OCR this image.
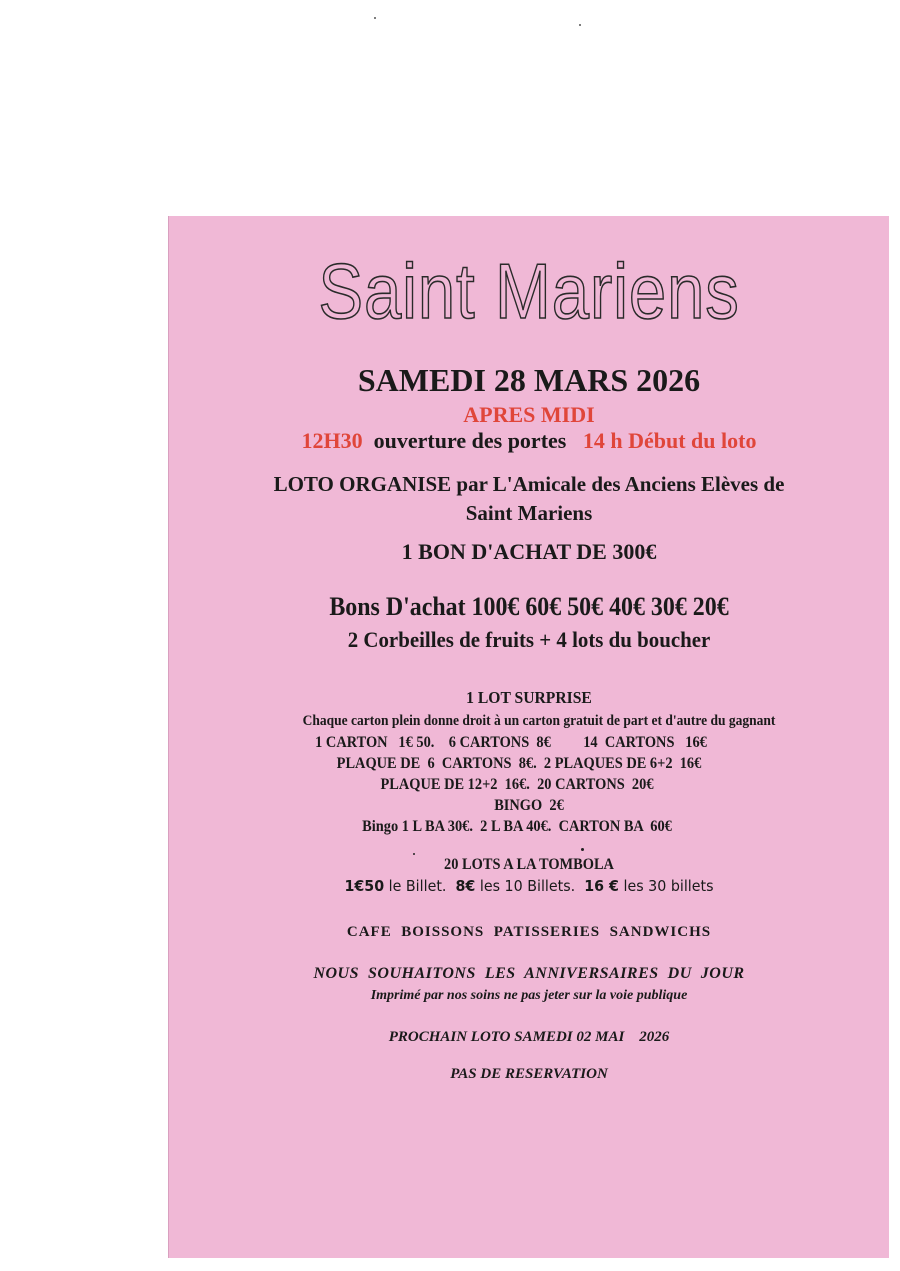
Saint Mariens
SAMEDI 28 MARS 2026
APRES MIDI
12H30 ouverture des portes 14 h Début du loto
LOTO ORGANISE par L'Amicale des Anciens Elèves de
Saint Mariens
1 BON D'ACHAT DE 300€
Bons D'achat 100€ 60€ 50€ 40€ 30€ 20€
2 Corbeilles de fruits + 4 lots du boucher
1 LOT SURPRISE
Chaque carton plein donne droit à un carton gratuit de part et d'autre du gagnant
1 CARTON   1€ 50.    6 CARTONS  8€         14  CARTONS   16€
PLAQUE DE  6  CARTONS  8€.  2 PLAQUES DE 6+2  16€
PLAQUE DE 12+2  16€.  20 CARTONS  20€
BINGO  2€
Bingo 1 L BA 30€.  2 L BA 40€.  CARTON BA  60€
20 LOTS A LA TOMBOLA
1€50 le Billet.  8€ les 10 Billets.  16 € les 30 billets
CAFE  BOISSONS  PATISSERIES  SANDWICHS
NOUS  SOUHAITONS  LES  ANNIVERSAIRES  DU  JOUR
Imprimé par nos soins ne pas jeter sur la voie publique
PROCHAIN LOTO SAMEDI 02 MAI    2026
PAS DE RESERVATION
